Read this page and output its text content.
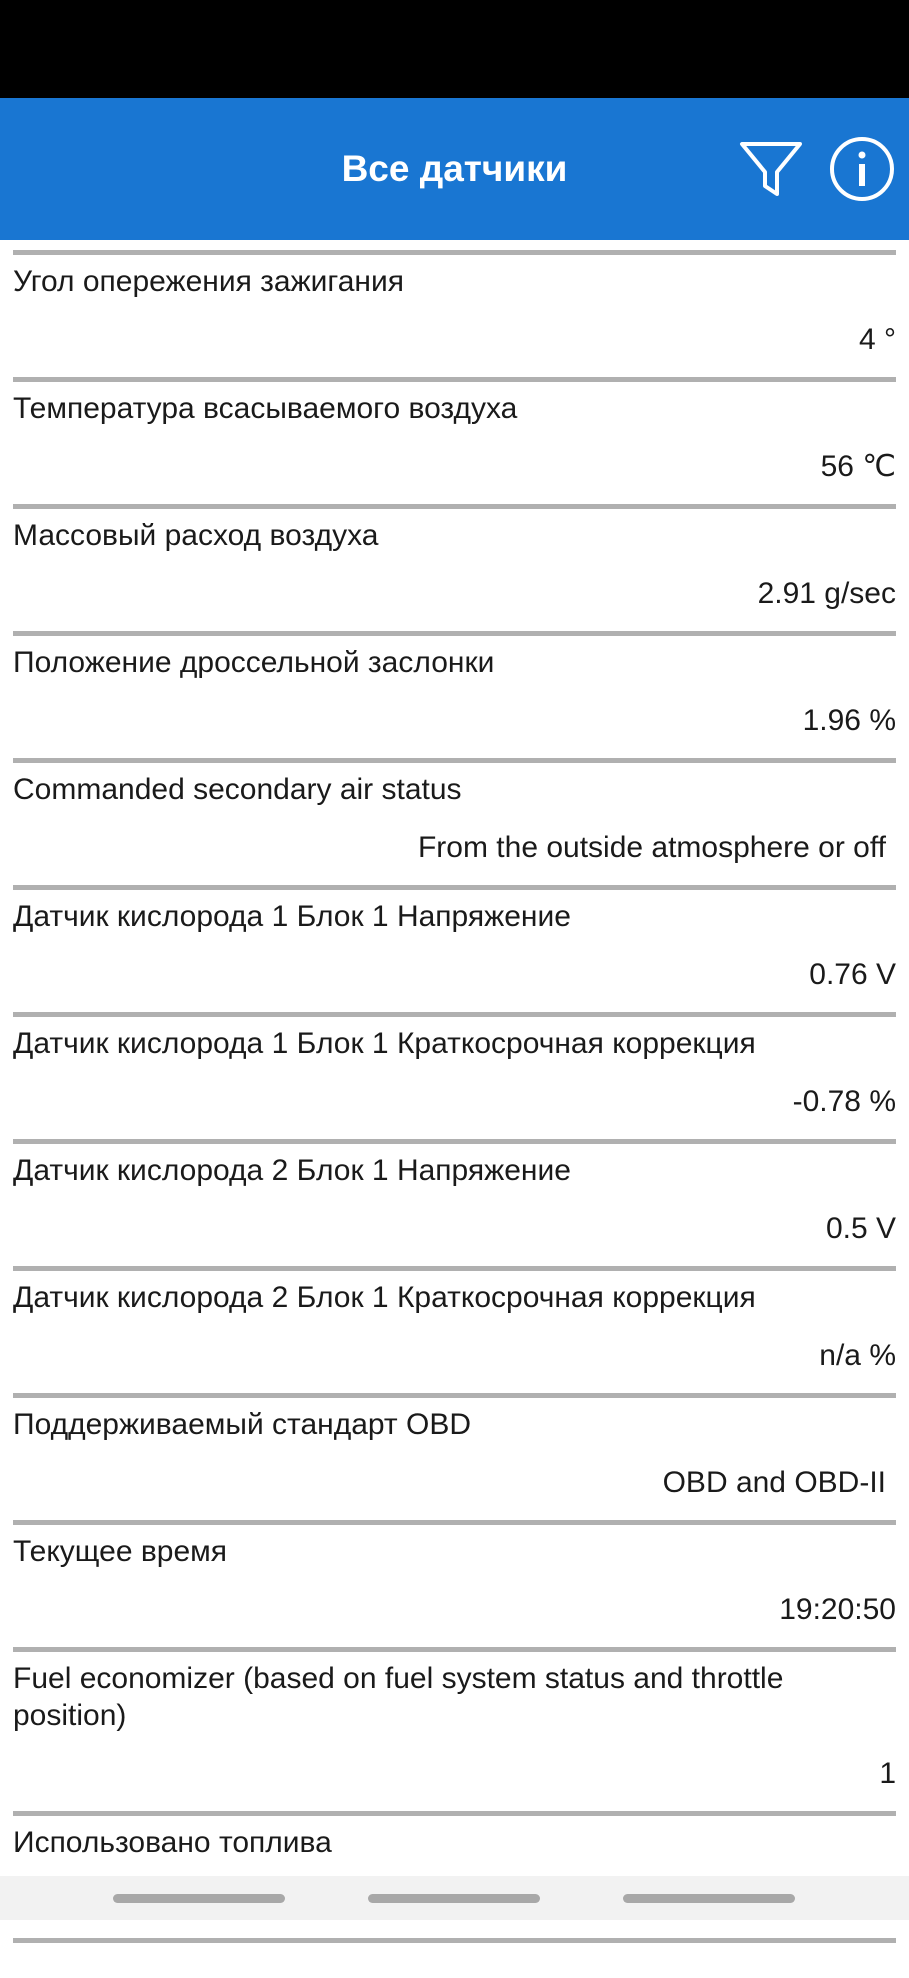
Все датчики
Угол опережения зажигания
4 °
Температура всасываемого воздуха
56 ℃
Массовый расход воздуха
2.91 g/sec
Положение дроссельной заслонки
1.96 %
Commanded secondary air status
From the outside atmosphere or off
Датчик кислорода 1 Блок 1 Напряжение
0.76 V
Датчик кислорода 1 Блок 1 Краткосрочная коррекция
-0.78 %
Датчик кислорода 2 Блок 1 Напряжение
0.5 V
Датчик кислорода 2 Блок 1 Краткосрочная коррекция
n/a %
Поддерживаемый стандарт OBD
OBD and OBD-II
Текущее время
19:20:50
Fuel economizer (based on fuel system status and throttle position)
1
Использовано топлива
